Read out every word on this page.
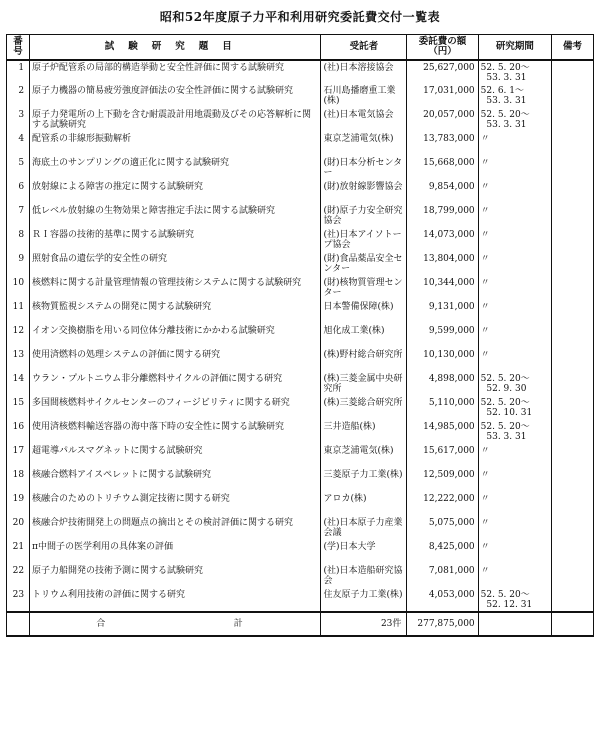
昭和52年度原子力平和利用研究委託費交付一覧表
番号	試験研究題目	受託者	委託費の額（円）	研究期間	備考
1	原子炉配管系の局部的構造挙動と安全性評価に関する試験研究	(社)日本溶接協会	25,627,000	52. 5. 20～
53. 3. 31	
2	原子力機器の簡易疲労強度評価法の安全性評価に関する試験研究	石川島播磨重工業(株)	17,031,000	52. 6. 1～
53. 3. 31	
3	原子力発電所の上下動を含む耐震設計用地震動及びその応答解析に関する試験研究	(社)日本電気協会	20,057,000	52. 5. 20～
53. 3. 31	
4	配管系の非線形振動解析	東京芝浦電気(株)	13,783,000	〃	
5	海底土のサンプリングの適正化に関する試験研究	(財)日本分析センター	15,668,000	〃	
6	放射線による障害の推定に関する試験研究	(財)放射線影響協会	9,854,000	〃	
7	低レベル放射線の生物効果と障害推定手法に関する試験研究	(財)原子力安全研究協会	18,799,000	〃	
8	ＲＩ容器の技術的基準に関する試験研究	(社)日本アイソトープ協会	14,073,000	〃	
9	照射食品の遺伝学的安全性の研究	(財)食品薬品安全センター	13,804,000	〃	
10	核燃料に関する計量管理情報の管理技術システムに関する試験研究	(財)核物質管理センター	10,344,000	〃	
11	核物質監視システムの開発に関する試験研究	日本警備保障(株)	9,131,000	〃	
12	イオン交換樹脂を用いる同位体分離技術にかかわる試験研究	旭化成工業(株)	9,599,000	〃	
13	使用済燃料の処理システムの評価に関する研究	(株)野村総合研究所	10,130,000	〃	
14	ウラン・プルトニウム非分離燃料サイクルの評価に関する研究	(株)三菱金属中央研究所	4,898,000	52. 5. 20～
52. 9. 30	
15	多国間核燃料サイクルセンターのフィージビリティに関する研究	(株)三菱総合研究所	5,110,000	52. 5. 20～
52. 10. 31	
16	使用済核燃料輸送容器の海中落下時の安全性に関する試験研究	三井造船(株)	14,985,000	52. 5. 20～
53. 3. 31	
17	超電導パルスマグネットに関する試験研究	東京芝浦電気(株)	15,617,000	〃	
18	核融合燃料アイスペレットに関する試験研究	三菱原子力工業(株)	12,509,000	〃	
19	核融合のためのトリチウム測定技術に関する研究	アロカ(株)	12,222,000	〃	
20	核融合炉技術開発上の問題点の摘出とその検討評価に関する研究	(社)日本原子力産業会議	5,075,000	〃	
21	π中間子の医学利用の具体案の評価	(学)日本大学	8,425,000	〃	
22	原子力船開発の技術予測に関する試験研究	(社)日本造船研究協会	7,081,000	〃	
23	トリウム利用技術の評価に関する研究	住友原子力工業(株)	4,053,000	52. 5. 20～
52. 12. 31	
	合 計	23件	277,875,000		
